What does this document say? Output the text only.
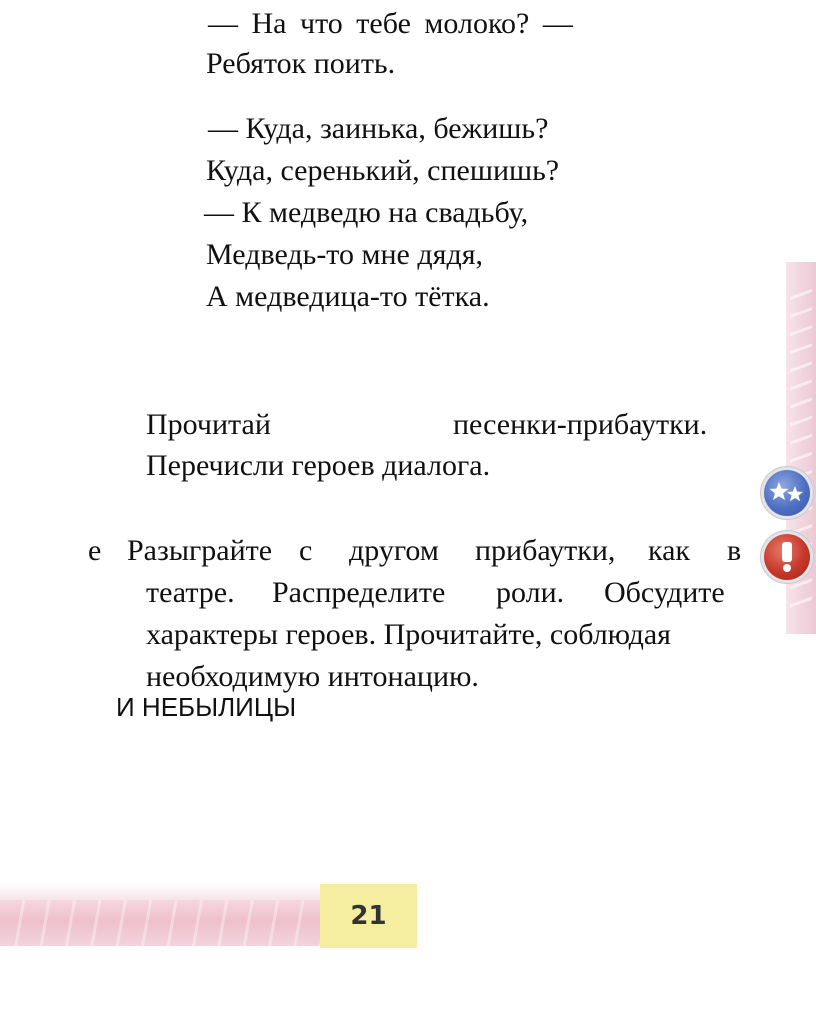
— На что тебе молоко? —
Ребяток поить.
— Куда, заинька, бежишь?
Куда, серенький, спешишь?
— К медведю на свадьбу,
Медведь-то мне дядя,
А медведица-то тётка.
Прочитай	песенки-прибаутки.
Перечисли героев диалога.
е Разыграйте с другом прибаутки, как в
театре. Распределите роли. Обсудите
характеры героев. Прочитайте, соблюдая
необходимую интонацию.
И НЕБЫЛИЦЫ
21
